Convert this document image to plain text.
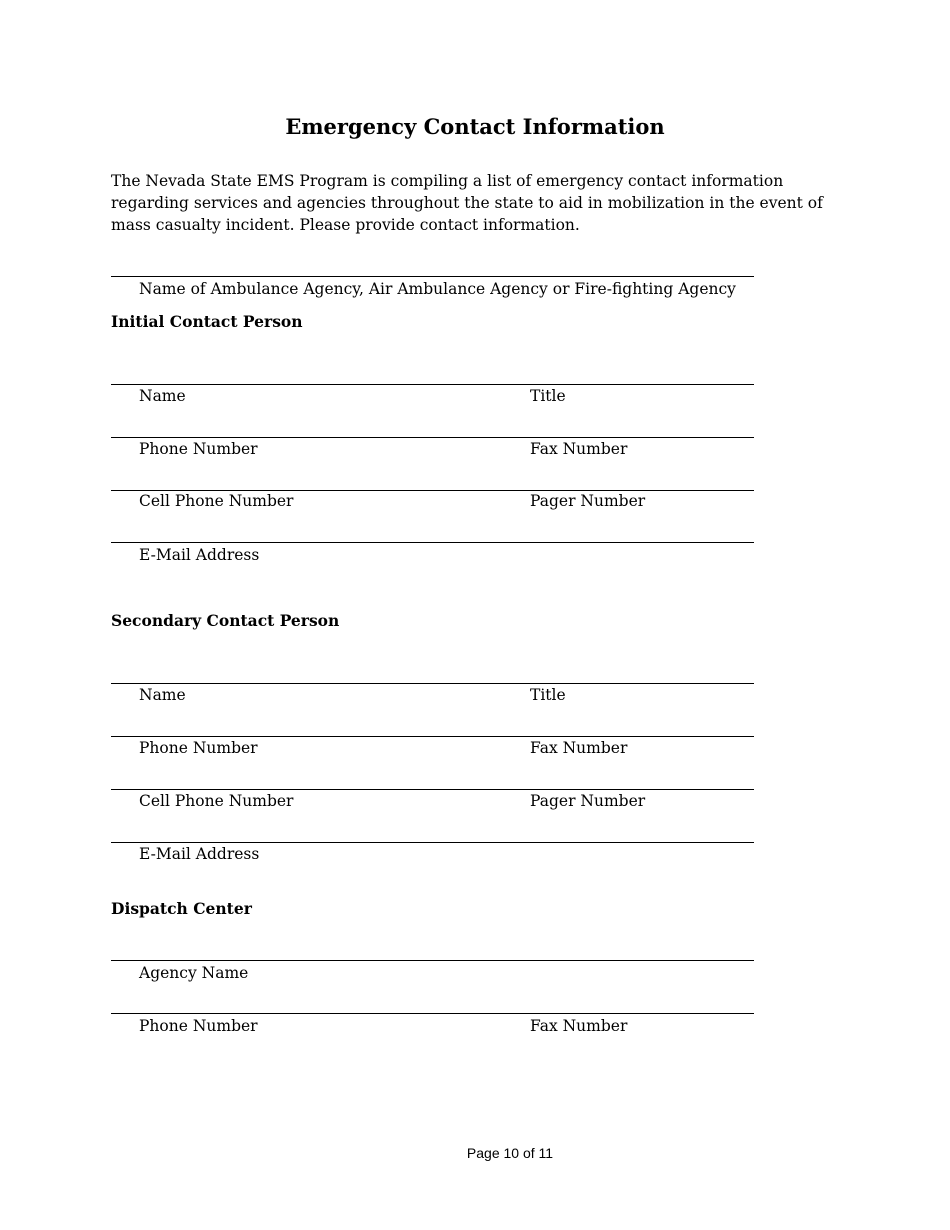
Emergency Contact Information
The Nevada State EMS Program is compiling a list of emergency contact information regarding services and agencies throughout the state to aid in mobilization in the event of mass casualty incident. Please provide contact information.
Name of Ambulance Agency, Air Ambulance Agency or Fire-fighting Agency
Initial Contact Person
Name	Title
Phone Number	Fax Number
Cell Phone Number	Pager Number
E-Mail Address
Secondary Contact Person
Name	Title
Phone Number	Fax Number
Cell Phone Number	Pager Number
E-Mail Address
Dispatch Center
Agency Name
Phone Number	Fax Number
Page 10 of 11
